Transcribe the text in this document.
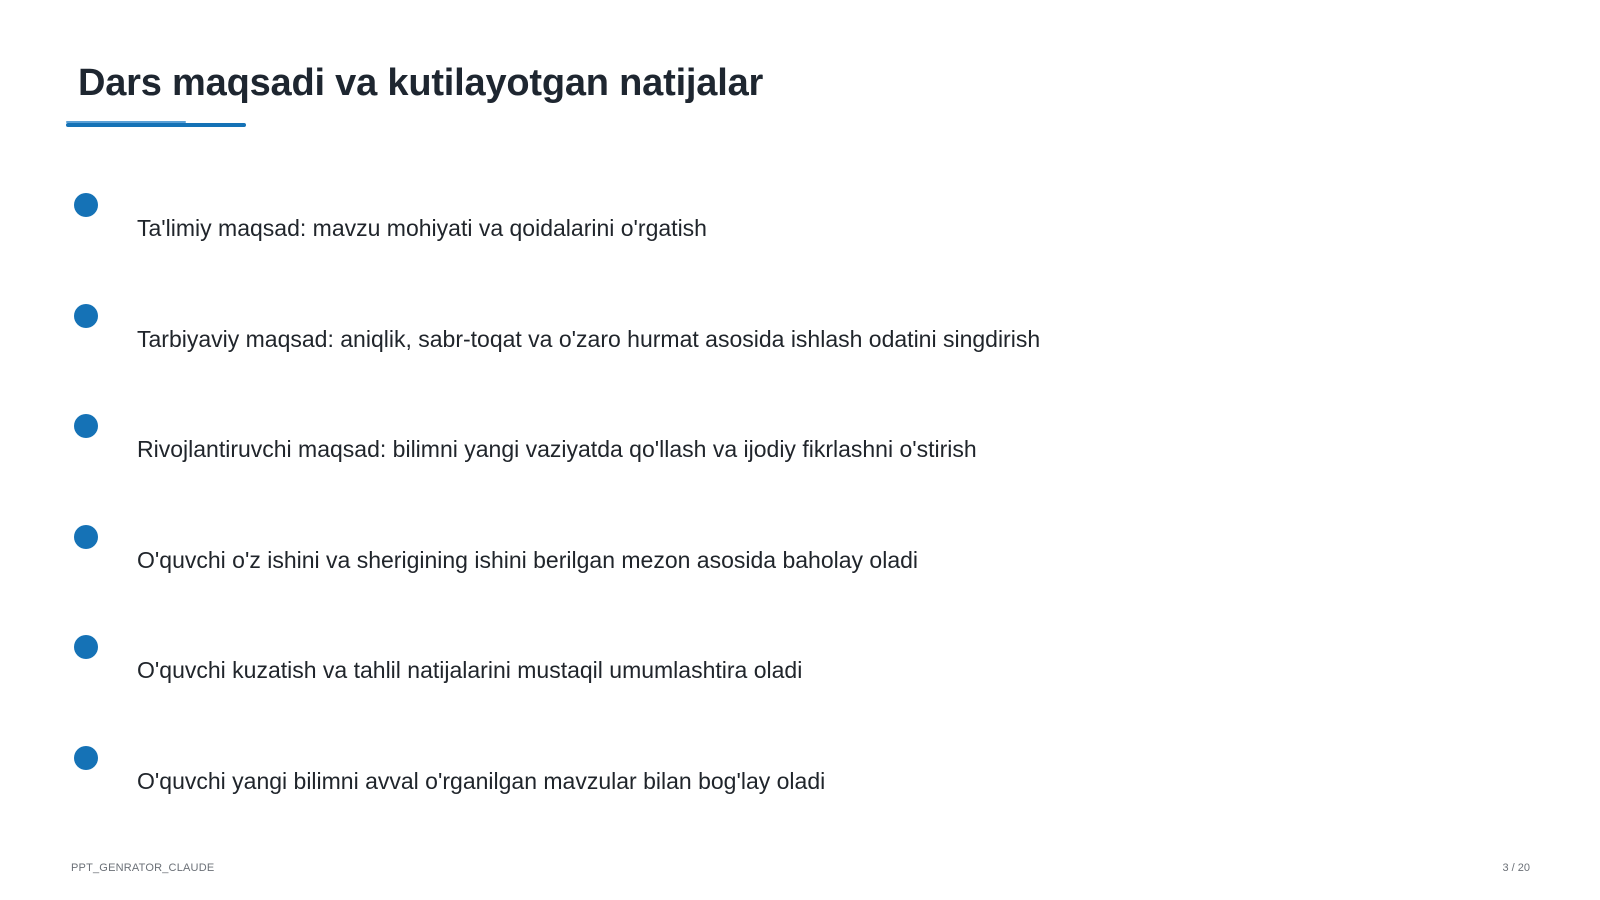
Dars maqsadi va kutilayotgan natijalar
Ta'limiy maqsad: mavzu mohiyati va qoidalarini o'rgatish
Tarbiyaviy maqsad: aniqlik, sabr-toqat va o'zaro hurmat asosida ishlash odatini singdirish
Rivojlantiruvchi maqsad: bilimni yangi vaziyatda qo'llash va ijodiy fikrlashni o'stirish
O'quvchi o'z ishini va sherigining ishini berilgan mezon asosida baholay oladi
O'quvchi kuzatish va tahlil natijalarini mustaqil umumlashtira oladi
O'quvchi yangi bilimni avval o'rganilgan mavzular bilan bog'lay oladi
PPT_GENRATOR_CLAUDE	3 / 20
